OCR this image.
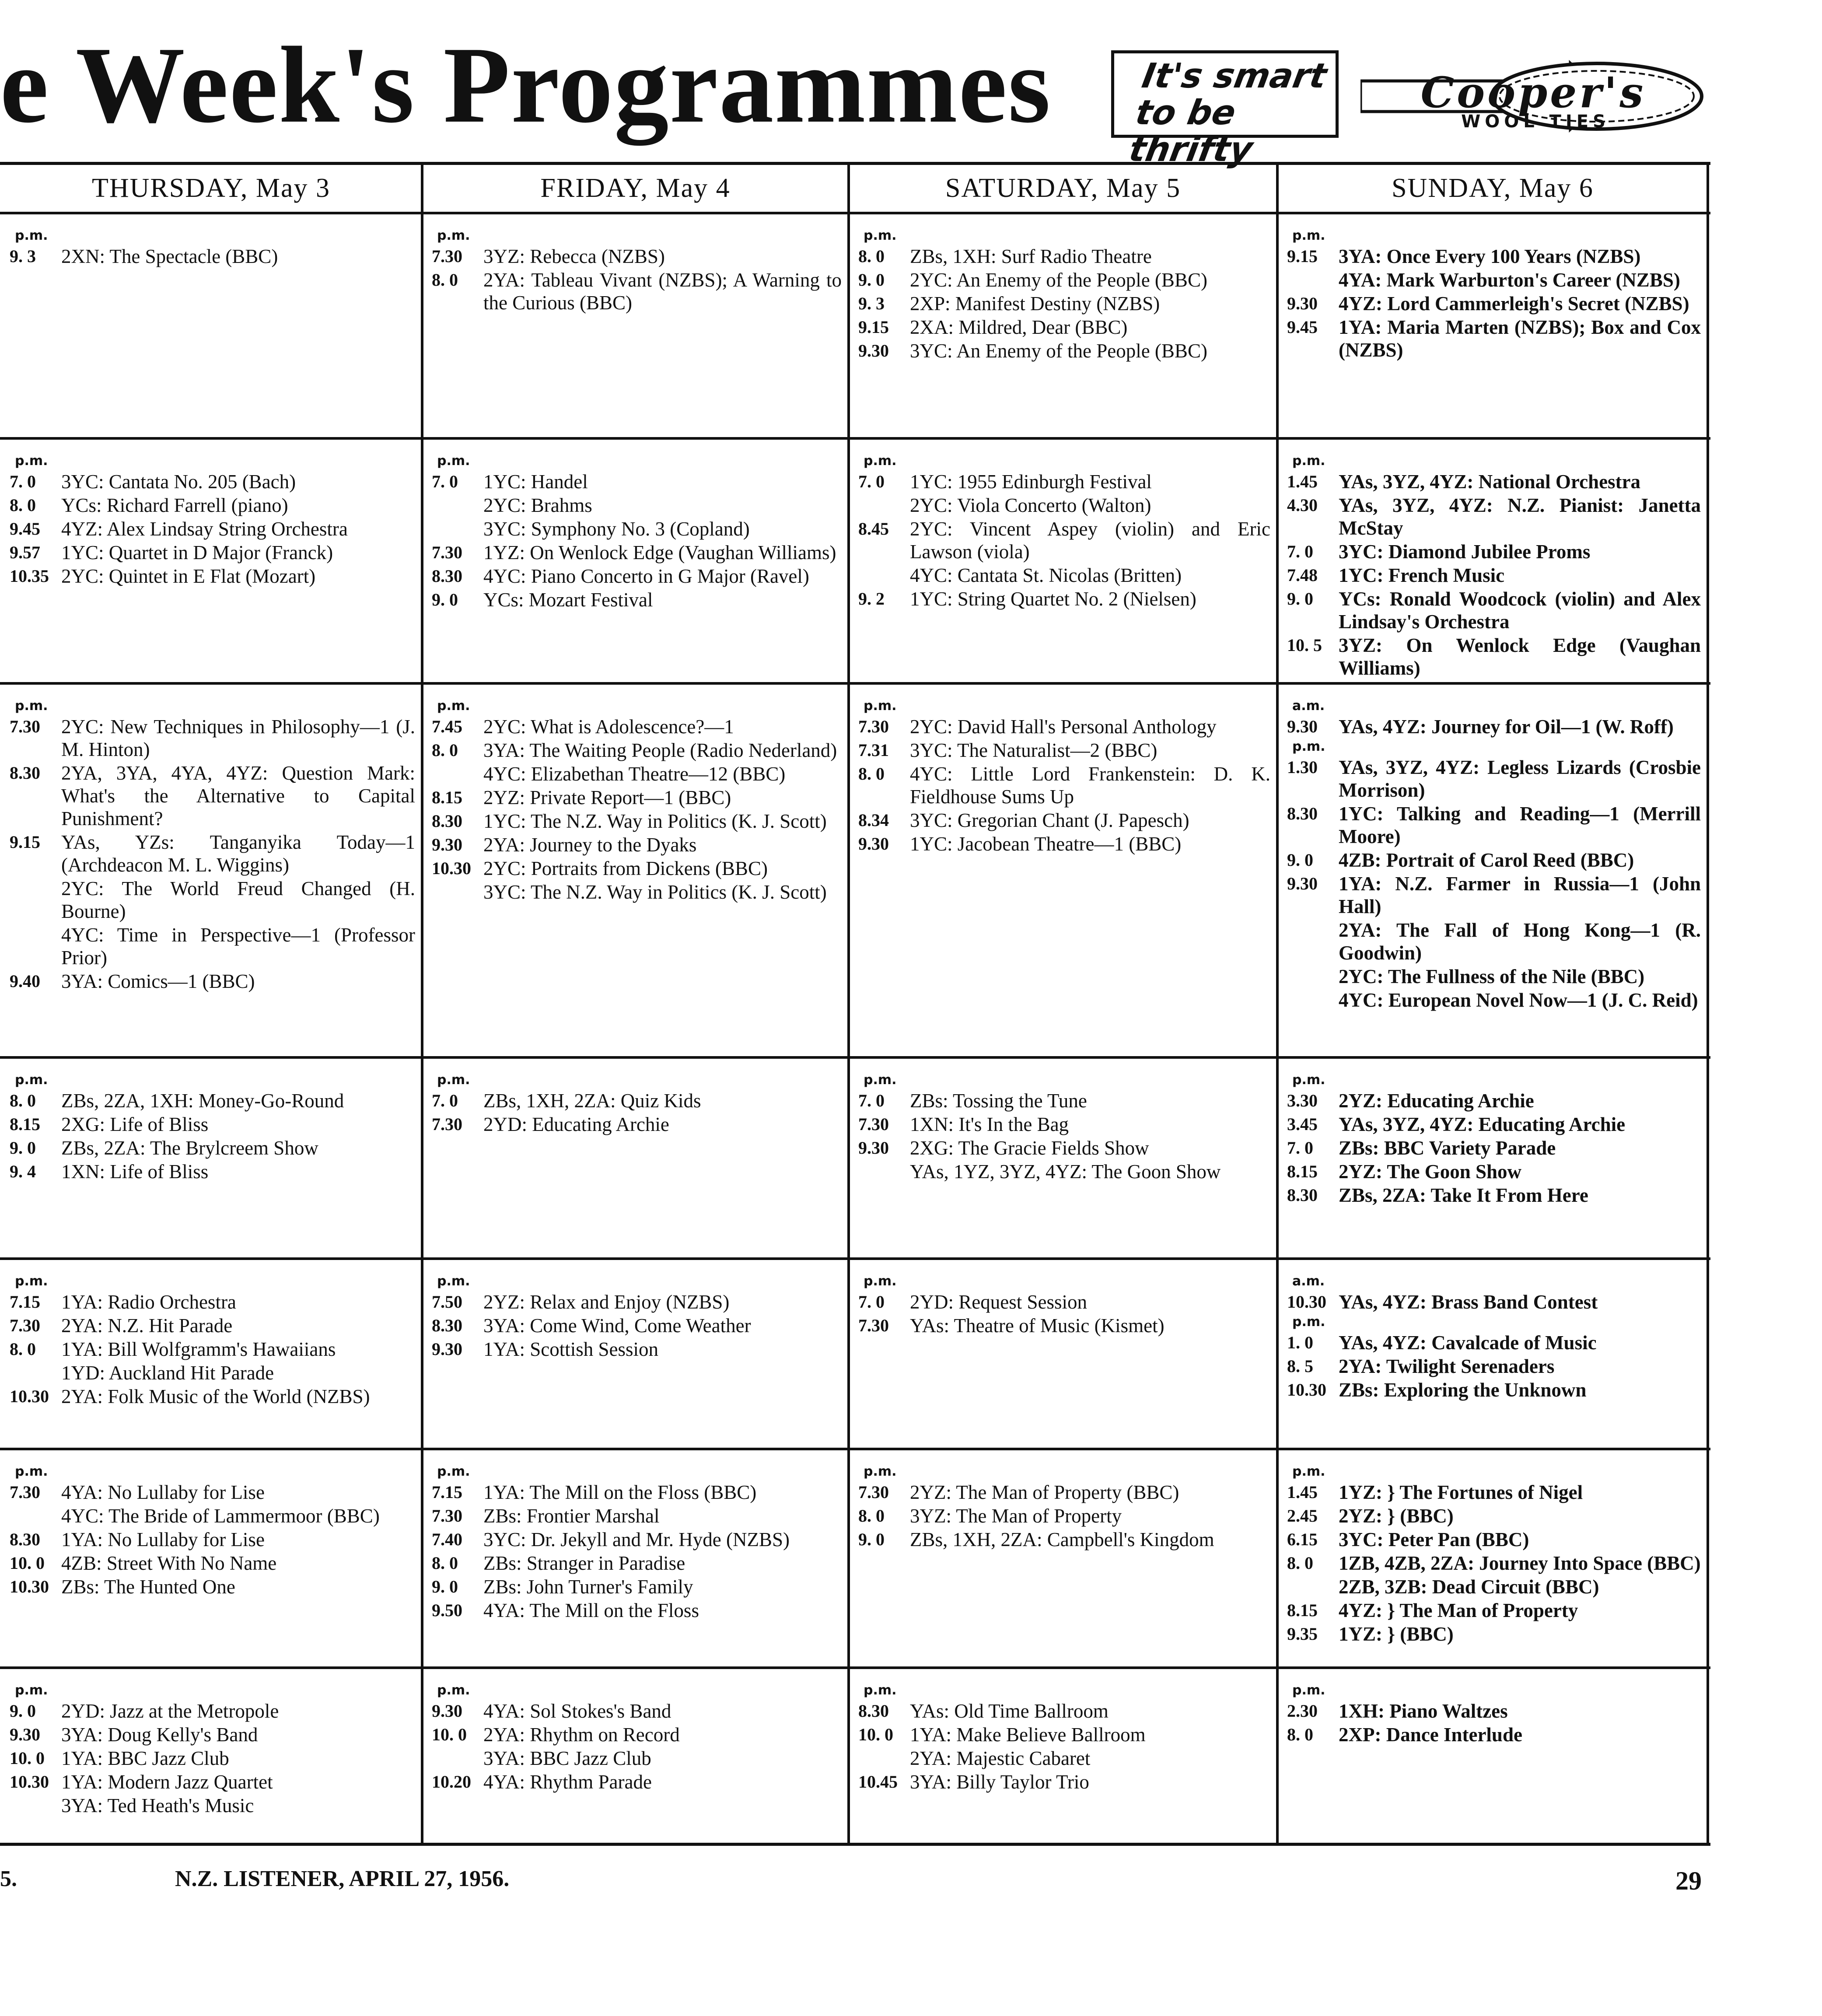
e Week's Programmes	It's smart
to be thrifty
Cooper's
WOOL TIES
THURSDAY, May 3	FRIDAY, May 4	SATURDAY, May 5	SUNDAY, May 6
p.m.
9. 3	2XN: The Spectacle (BBC)
p.m.
7.30	3YZ: Rebecca (NZBS)
8. 0	2YA: Tableau Vivant (NZBS); A Warning to the Curious (BBC)
p.m.
8. 0	ZBs, 1XH: Surf Radio Theatre
9. 0	2YC: An Enemy of the People (BBC)
9. 3	2XP: Manifest Destiny (NZBS)
9.15	2XA: Mildred, Dear (BBC)
9.30	3YC: An Enemy of the People (BBC)
p.m.
9.15	3YA: Once Every 100 Years (NZBS)
4YA: Mark Warburton's Career (NZBS)
9.30	4YZ: Lord Cammerleigh's Secret (NZBS)
9.45	1YA: Maria Marten (NZBS); Box and Cox (NZBS)
p.m.
7. 0	3YC: Cantata No. 205 (Bach)
8. 0	YCs: Richard Farrell (piano)
9.45	4YZ: Alex Lindsay String Orchestra
9.57	1YC: Quartet in D Major (Franck)
10.35 2YC: Quintet in E Flat (Mozart)
p.m.
7. 0	1YC: Handel
2YC: Brahms
3YC: Symphony No. 3 (Copland)
7.30	1YZ: On Wenlock Edge (Vaughan Williams)
8.30	4YC: Piano Concerto in G Major (Ravel)
9. 0	YCs: Mozart Festival
p.m.
7. 0	1YC: 1955 Edinburgh Festival
2YC: Viola Concerto (Walton)
8.45	2YC: Vincent Aspey (violin) and Eric Lawson (viola)
4YC: Cantata St. Nicolas (Britten)
9. 2	1YC: String Quartet No. 2 (Nielsen)
p.m.
1.45	YAs, 3YZ, 4YZ: National Orchestra
4.30	YAs, 3YZ, 4YZ: N.Z. Pianist: Janetta McStay
7. 0	3YC: Diamond Jubilee Proms
7.48	1YC: French Music
9. 0	YCs: Ronald Woodcock (violin) and Alex Lindsay's Orchestra
10. 5 3YZ: On Wenlock Edge (Vaughan Williams)
p.m.
7.30	2YC: New Techniques in Philosophy—1 (J. M. Hinton)
8.30	2YA, 3YA, 4YA, 4YZ: Question Mark: What's the Alternative to Capital Punishment?
9.15	YAs, YZs: Tanganyika Today—1 (Archdeacon M. L. Wiggins)
2YC: The World Freud Changed (H. Bourne)
4YC: Time in Perspective—1 (Professor Prior)
9.40	3YA: Comics—1 (BBC)
p.m.
7.45	2YC: What is Adolescence?—1
8. 0	3YA: The Waiting People (Radio Nederland)
4YC: Elizabethan Theatre—12 (BBC)
8.15	2YZ: Private Report—1 (BBC)
8.30	1YC: The N.Z. Way in Politics (K. J. Scott)
9.30	2YA: Journey to the Dyaks
10.30 2YC: Portraits from Dickens (BBC)
3YC: The N.Z. Way in Politics (K. J. Scott)
p.m.
7.30	2YC: David Hall's Personal Anthology
7.31	3YC: The Naturalist—2 (BBC)
8. 0	4YC: Little Lord Frankenstein: D. K. Fieldhouse Sums Up
8.34	3YC: Gregorian Chant (J. Papesch)
9.30	1YC: Jacobean Theatre—1 (BBC)
a.m.
9.30	YAs, 4YZ: Journey for Oil—1 (W. Roff)
p.m.
1.30	YAs, 3YZ, 4YZ: Legless Lizards (Crosbie Morrison)
8.30	1YC: Talking and Reading—1 (Merrill Moore)
9. 0	4ZB: Portrait of Carol Reed (BBC)
9.30	1YA: N.Z. Farmer in Russia—1 (John Hall)
2YA: The Fall of Hong Kong—1 (R. Goodwin)
2YC: The Fullness of the Nile (BBC)
4YC: European Novel Now—1 (J. C. Reid)
p.m.
8. 0	ZBs, 2ZA, 1XH: Money-Go-Round
8.15	2XG: Life of Bliss
9. 0	ZBs, 2ZA: The Brylcreem Show
9. 4	1XN: Life of Bliss
p.m.
7. 0	ZBs, 1XH, 2ZA: Quiz Kids
7.30	2YD: Educating Archie
p.m.
7. 0	ZBs: Tossing the Tune
7.30	1XN: It's In the Bag
9.30	2XG: The Gracie Fields Show
YAs, 1YZ, 3YZ, 4YZ: The Goon Show
p.m.
3.30	2YZ: Educating Archie
3.45	YAs, 3YZ, 4YZ: Educating Archie
7. 0	ZBs: BBC Variety Parade
8.15	2YZ: The Goon Show
8.30	ZBs, 2ZA: Take It From Here
p.m.
7.15	1YA: Radio Orchestra
7.30	2YA: N.Z. Hit Parade
8. 0	1YA: Bill Wolfgramm's Hawaiians
1YD: Auckland Hit Parade
10.30 2YA: Folk Music of the World (NZBS)
p.m.
7.50	2YZ: Relax and Enjoy (NZBS)
8.30	3YA: Come Wind, Come Weather
9.30	1YA: Scottish Session
p.m.
7. 0	2YD: Request Session
7.30	YAs: Theatre of Music (Kismet)
a.m.
10.30 YAs, 4YZ: Brass Band Contest
p.m.
1. 0	YAs, 4YZ: Cavalcade of Music
8. 5	2YA: Twilight Serenaders
10.30 ZBs: Exploring the Unknown
p.m.
7.30	4YA: No Lullaby for Lise
4YC: The Bride of Lammermoor (BBC)
8.30	1YA: No Lullaby for Lise
10. 0 4ZB: Street With No Name
10.30 ZBs: The Hunted One
p.m.
7.15	1YA: The Mill on the Floss (BBC)
7.30	ZBs: Frontier Marshal
7.40	3YC: Dr. Jekyll and Mr. Hyde (NZBS)
8. 0	ZBs: Stranger in Paradise
9. 0	ZBs: John Turner's Family
9.50	4YA: The Mill on the Floss
p.m.
7.30	2YZ: The Man of Property (BBC)
8. 0	3YZ: The Man of Property
9. 0	ZBs, 1XH, 2ZA: Campbell's Kingdom
p.m.
1.45	1YZ: } The Fortunes of Nigel
2.45	2YZ: } (BBC)
6.15	3YC: Peter Pan (BBC)
8. 0	1ZB, 4ZB, 2ZA: Journey Into Space (BBC)
2ZB, 3ZB: Dead Circuit (BBC)
8.15	4YZ: } The Man of Property
9.35	1YZ: } (BBC)
p.m.
9. 0	2YD: Jazz at the Metropole
9.30	3YA: Doug Kelly's Band
10. 0 1YA: BBC Jazz Club
10.30 1YA: Modern Jazz Quartet
3YA: Ted Heath's Music
p.m.
9.30	4YA: Sol Stokes's Band
10. 0 2YA: Rhythm on Record
3YA: BBC Jazz Club
10.20 4YA: Rhythm Parade
p.m.
8.30	YAs: Old Time Ballroom
10. 0 1YA: Make Believe Ballroom
2YA: Majestic Cabaret
10.45 3YA: Billy Taylor Trio
p.m.
2.30	1XH: Piano Waltzes
8. 0	2XP: Dance Interlude
5.	N.Z. LISTENER, APRIL 27, 1956.	29
